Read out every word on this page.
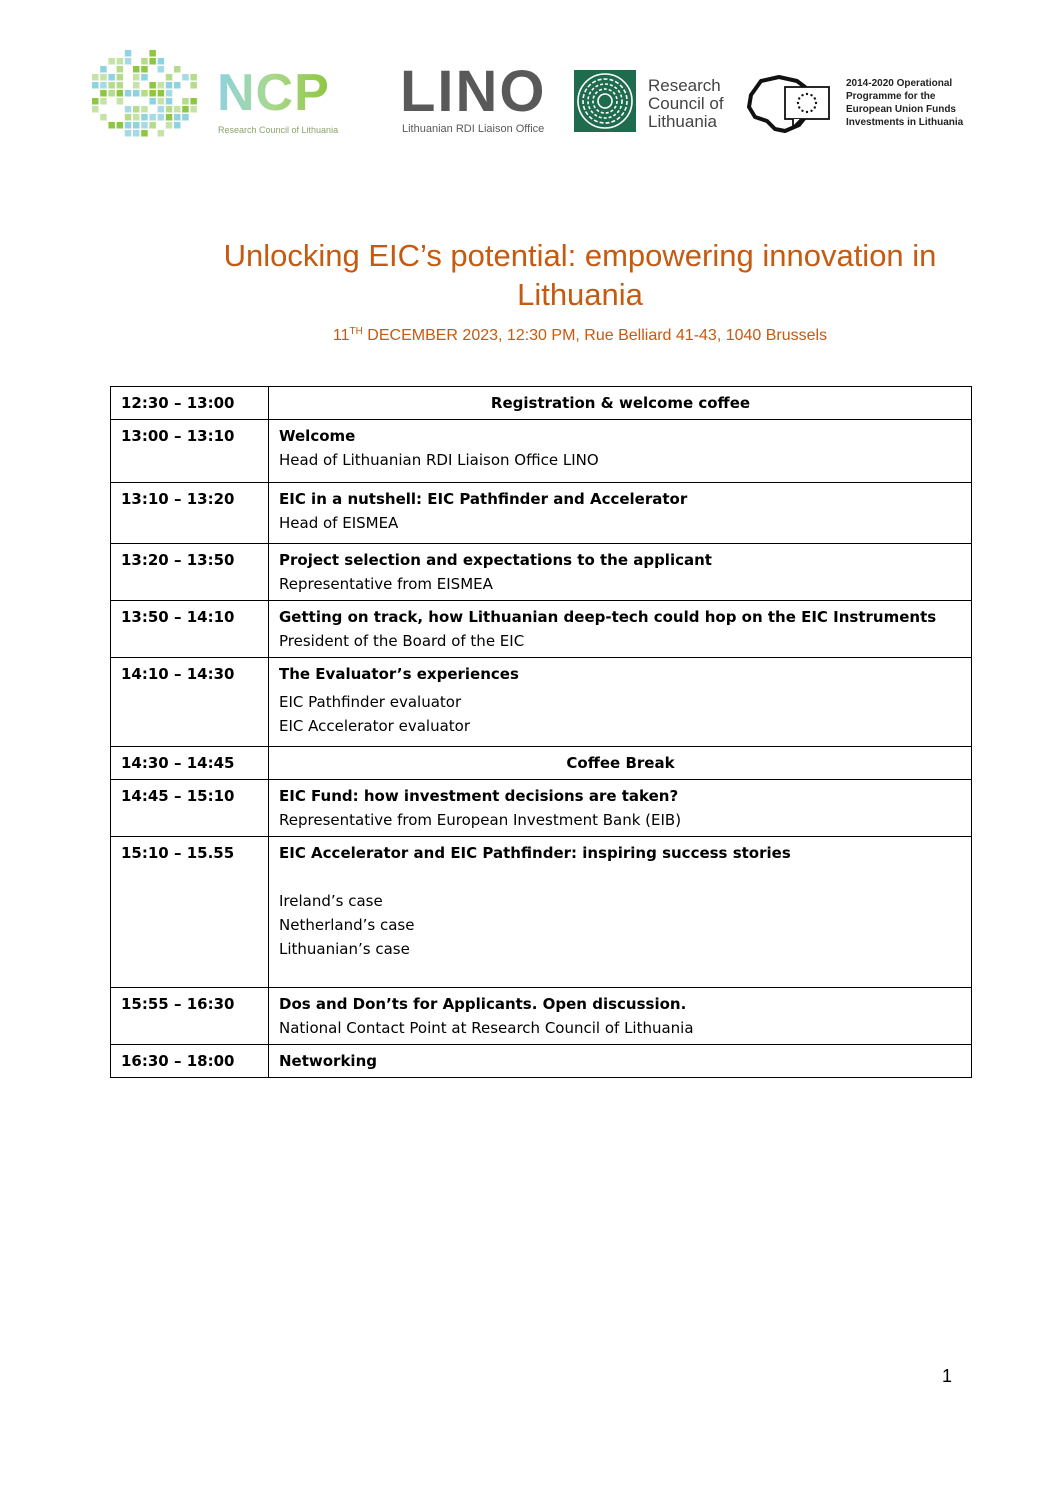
NCP
Research Council of Lithuania
LINO
Lithuanian RDI Liaison Office
Research
Council of
Lithuania
2014-2020 Operational
Programme for the
European Union Funds
Investments in Lithuania
Unlocking EIC’s potential: empowering innovation in Lithuania
11TH DECEMBER 2023, 12:30 PM, Rue Belliard 41-43, 1040 Brussels
12:30 – 13:00	Registration & welcome coffee
13:00 – 13:10	Welcome
Head of Lithuanian RDI Liaison Office LINO

13:10 – 13:20	EIC in a nutshell: EIC Pathfinder and Accelerator
Head of EISMEA

13:20 – 13:50	Project selection and expectations to the applicant
Representative from EISMEA

13:50 – 14:10	Getting on track, how Lithuanian deep-tech could hop on the EIC Instruments
President of the Board of the EIC

14:10 – 14:30	The Evaluator’s experiences
EIC Pathfinder evaluator
EIC Accelerator evaluator

14:30 – 14:45	Coffee Break
14:45 – 15:10	EIC Fund: how investment decisions are taken?
Representative from European Investment Bank (EIB)

15:10 – 15.55	EIC Accelerator and EIC Pathfinder: inspiring success stories
Ireland’s case
Netherland’s case
Lithuanian’s case

15:55 – 16:30	Dos and Don’ts for Applicants. Open discussion.
National Contact Point at Research Council of Lithuania

16:30 – 18:00	Networking
1
